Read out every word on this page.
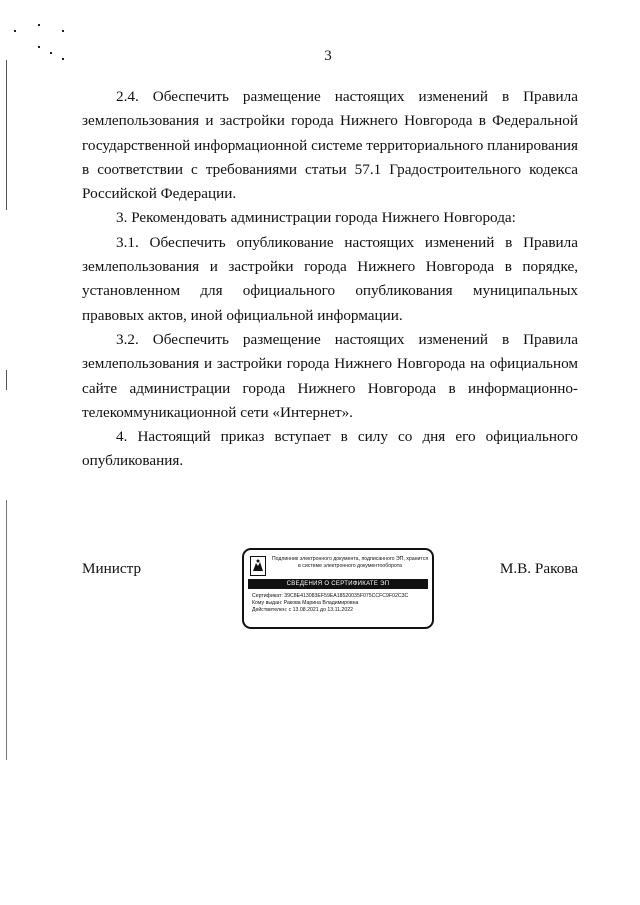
3

2.4. Обеспечить размещение настоящих изменений в Правила землепользования и застройки города Нижнего Новгорода в Федеральной государственной информационной системе территориального планирования в соответствии с требованиями статьи 57.1 Градостроительного кодекса Российской Федерации.

3. Рекомендовать администрации города Нижнего Новгорода:

3.1. Обеспечить опубликование настоящих изменений в Правила землепользования и застройки города Нижнего Новгорода в порядке, установленном для официального опубликования муниципальных правовых актов, иной официальной информации.

3.2. Обеспечить размещение настоящих изменений в Правила землепользования и застройки города Нижнего Новгорода на официальном сайте администрации города Нижнего Новгорода в информационно-телекоммуникационной сети «Интернет».

4. Настоящий приказ вступает в силу со дня его официального опубликования.

Министр
Подлинник электронного документа, подписанного ЭП, хранится в системе электронного документооборота
СВЕДЕНИЯ О СЕРТИФИКАТЕ ЭП
Сертификат: 39C8E413083EF59EA18520035F075CCFC9F02C3C
Кому выдан: Ракова Марина Владимировна
Действителен: с 13.08.2021 до 13.11.2022
М.В. Ракова
